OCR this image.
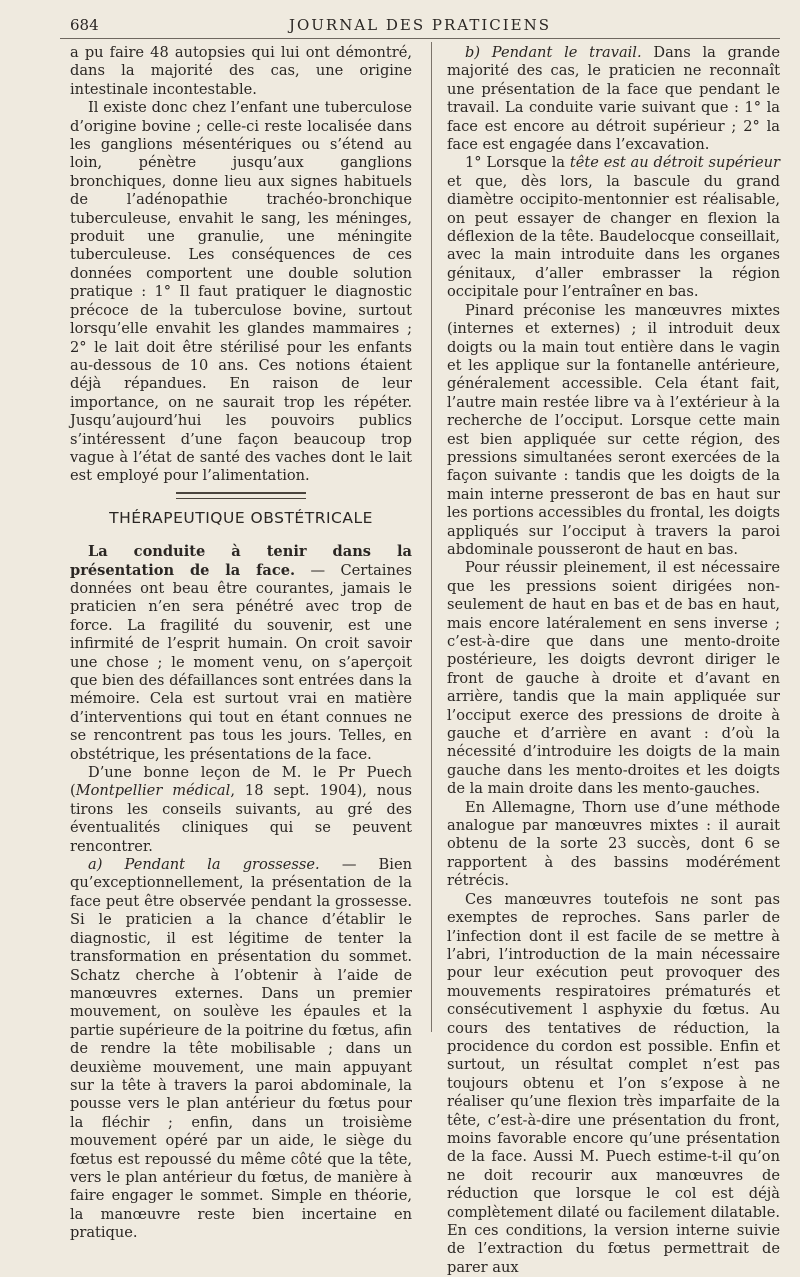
684	JOURNAL DES PRATICIENS

a pu faire 48 autopsies qui lui ont démontré, dans la majorité des cas, une origine intestinale incontestable.

Il existe donc chez l’enfant une tuberculose d’origine bovine ; celle-ci reste localisée dans les ganglions mésentériques ou s’étend au loin, pénètre jusqu’aux ganglions bronchiques, donne lieu aux signes habituels de l’adénopathie trachéo-bronchique tuberculeuse, envahit le sang, les méninges, produit une granulie, une méningite tuberculeuse. Les conséquences de ces données comportent une double solution pratique : 1° Il faut pratiquer le diagnostic précoce de la tuberculose bovine, surtout lorsqu’elle envahit les glandes mammaires ; 2° le lait doit être stérilisé pour les enfants au-dessous de 10 ans. Ces notions étaient déjà répandues. En raison de leur importance, on ne saurait trop les répéter. Jusqu’aujourd’hui les pouvoirs publics s’intéressent d’une façon beaucoup trop vague à l’état de santé des vaches dont le lait est employé pour l’alimentation.

THÉRAPEUTIQUE OBSTÉTRICALE

La conduite à tenir dans la présentation de la face. — Certaines données ont beau être courantes, jamais le praticien n’en sera pénétré avec trop de force. La fragilité du souvenir, est une infirmité de l’esprit humain. On croit savoir une chose ; le moment venu, on s’aperçoit que bien des défaillances sont entrées dans la mémoire. Cela est surtout vrai en matière d’interventions qui tout en étant connues ne se rencontrent pas tous les jours. Telles, en obstétrique, les présentations de la face.

D’une bonne leçon de M. le Pr Puech (Montpellier médical, 18 sept. 1904), nous tirons les conseils suivants, au gré des éventualités cliniques qui se peuvent rencontrer.

a) Pendant la grossesse. — Bien qu’exceptionnellement, la présentation de la face peut être observée pendant la grossesse. Si le praticien a la chance d’établir le diagnostic, il est légitime de tenter la transformation en présentation du sommet. Schatz cherche à l’obtenir à l’aide de manœuvres externes. Dans un premier mouvement, on soulève les épaules et la partie supérieure de la poitrine du fœtus, afin de rendre la tête mobilisable ; dans un deuxième mouvement, une main appuyant sur la tête à travers la paroi abdominale, la pousse vers le plan antérieur du fœtus pour la fléchir ; enfin, dans un troisième mouvement opéré par un aide, le siège du fœtus est repoussé du même côté que la tête, vers le plan antérieur du fœtus, de manière à faire engager le sommet. Simple en théorie, la manœuvre reste bien incertaine en pratique.

b) Pendant le travail. Dans la grande majorité des cas, le praticien ne reconnaît une présentation de la face que pendant le travail. La conduite varie suivant que : 1° la face est encore au détroit supérieur ; 2° la face est engagée dans l’excavation.

1° Lorsque la tête est au détroit supérieur et que, dès lors, la bascule du grand diamètre occipito-mentonnier est réalisable, on peut essayer de changer en flexion la déflexion de la tête. Baudelocque conseillait, avec la main introduite dans les organes génitaux, d’aller embrasser la région occipitale pour l’entraîner en bas.

Pinard préconise les manœuvres mixtes (internes et externes) ; il introduit deux doigts ou la main tout entière dans le vagin et les applique sur la fontanelle antérieure, généralement accessible. Cela étant fait, l’autre main restée libre va à l’extérieur à la recherche de l’occiput. Lorsque cette main est bien appliquée sur cette région, des pressions simultanées seront exercées de la façon suivante : tandis que les doigts de la main interne presseront de bas en haut sur les portions accessibles du frontal, les doigts appliqués sur l’occiput à travers la paroi abdominale pousseront de haut en bas.

Pour réussir pleinement, il est nécessaire que les pressions soient dirigées non-seulement de haut en bas et de bas en haut, mais encore latéralement en sens inverse ; c’est-à-dire que dans une mento-droite postérieure, les doigts devront diriger le front de gauche à droite et d’avant en arrière, tandis que la main appliquée sur l’occiput exerce des pressions de droite à gauche et d’arrière en avant : d’où la nécessité d’introduire les doigts de la main gauche dans les mento-droites et les doigts de la main droite dans les mento-gauches.

En Allemagne, Thorn use d’une méthode analogue par manœuvres mixtes : il aurait obtenu de la sorte 23 succès, dont 6 se rapportent à des bassins modérément rétrécis.

Ces manœuvres toutefois ne sont pas exemptes de reproches. Sans parler de l’infection dont il est facile de se mettre à l’abri, l’introduction de la main nécessaire pour leur exécution peut provoquer des mouvements respiratoires prématurés et consécutivement l asphyxie du fœtus. Au cours des tentatives de réduction, la procidence du cordon est possible. Enfin et surtout, un résultat complet n’est pas toujours obtenu et l’on s’expose à ne réaliser qu’une flexion très imparfaite de la tête, c’est-à-dire une présentation du front, moins favorable encore qu’une présentation de la face. Aussi M. Puech estime-t-il qu’on ne doit recourir aux manœuvres de réduction que lorsque le col est déjà complètement dilaté ou facilement dilatable. En ces conditions, la version interne suivie de l’extraction du fœtus permettrait de parer aux
